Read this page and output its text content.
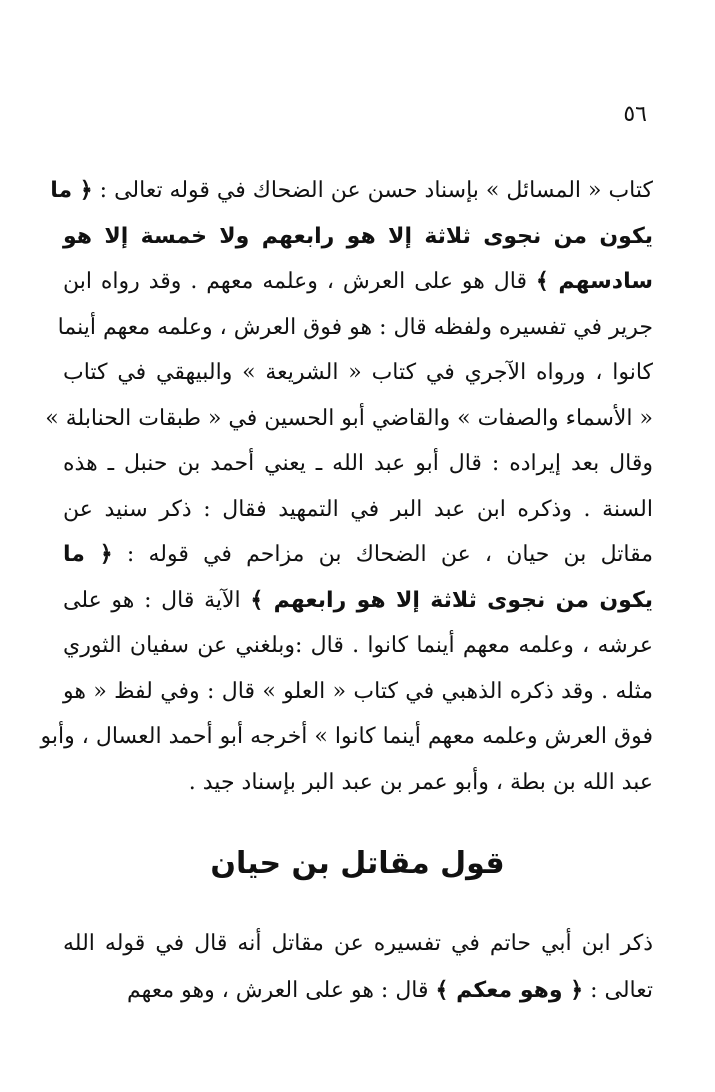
٥٦
كتاب « المسائل » بإسناد حسن عن الضحاك في قوله تعالى : ﴿ ما
يكون من نجوى ثلاثة إلا هو رابعهم ولا خمسة إلا هو
سادسهم ﴾ قال هو على العرش ، وعلمه معهم . وقد رواه ابن
جرير في تفسيره ولفظه قال : هو فوق العرش ، وعلمه معهم أينما
كانوا ، ورواه الآجري في كتاب « الشريعة » والبيهقي في كتاب
« الأسماء والصفات » والقاضي أبو الحسين في « طبقات الحنابلة »
وقال بعد إيراده : قال أبو عبد الله ـ يعني أحمد بن حنبل ـ هذه
السنة . وذكره ابن عبد البر في التمهيد فقال : ذكر سنيد عن
مقاتل بن حيان ، عن الضحاك بن مزاحم في قوله : ﴿ ما
يكون من نجوى ثلاثة إلا هو رابعهم ﴾ الآية قال : هو على
عرشه ، وعلمه معهم أينما كانوا . قال :وبلغني عن سفيان الثوري
مثله . وقد ذكره الذهبي في كتاب « العلو » قال : وفي لفظ « هو
فوق العرش وعلمه معهم أينما كانوا » أخرجه أبو أحمد العسال ، وأبو
عبد الله بن بطة ، وأبو عمر بن عبد البر بإسناد جيد .
قول مقاتل بن حيان
ذكر ابن أبي حاتم في تفسيره عن مقاتل أنه قال في قوله الله
تعالى : ﴿ وهو معكم ﴾ قال : هو على العرش ، وهو معهم
